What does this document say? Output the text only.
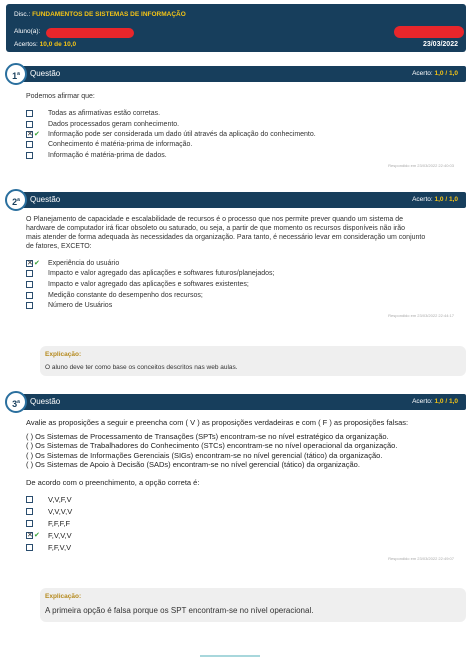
Disc.: FUNDAMENTOS DE SISTEMAS DE INFORMAÇÃO
Aluno(a):
Acertos: 10,0 de 10,0	23/03/2022
Questão	Acerto: 1,0 / 1,0
1$^a$
Podemos afirmar que:
Todas as afirmativas estão corretas.
Dados processados geram conhecimento.
✕
✔	Informação pode ser considerada um dado útil através da aplicação do conhecimento.
Conhecimento é matéria-prima de informação.
Informação é matéria-prima de dados.
Respondido em 23/03/2022 22:40:03
Questão	Acerto: 1,0 / 1,0
2$^a$
O Planejamento de capacidade e escalabilidade de recursos é o processo que nos permite prever quando um sistema de
hardware de computador irá ficar obsoleto ou saturado, ou seja, a partir de que momento os recursos disponíveis não irão
mais atender de forma adequada às necessidades da organização. Para tanto, é necessário levar em consideração um conjunto
de fatores, EXCETO:
✕
✔	Experiência do usuário
Impacto e valor agregado das aplicações e softwares futuros/planejados;
Impacto e valor agregado das aplicações e softwares existentes;
Medição constante do desempenho dos recursos;
Número de Usuários
Respondido em 23/03/2022 22:44:17
Explicação:
O aluno deve ter como base os conceitos descritos nas web aulas.
Questão	Acerto: 1,0 / 1,0
3$^a$
Avalie as proposições a seguir e preencha com ( V ) as proposições verdadeiras e com ( F ) as proposições falsas:
( ) Os Sistemas de Processamento de Transações (SPTs) encontram-se no nível estratégico da organização.
( ) Os Sistemas de Trabalhadores do Conhecimento (STCs) encontram-se no nível operacional da organização.
( ) Os Sistemas de Informações Gerenciais (SIGs) encontram-se no nível gerencial (tático) da organização.
( ) Os Sistemas de Apoio à Decisão (SADs) encontram-se no nível gerencial (tático) da organização.
De acordo com o preenchimento, a opção correta é:
V,V,F,V
V,V,V,V
F,F,F,F
✕
✔	F,V,V,V
F,F,V,V
Respondido em 23/03/2022 22:49:07
Explicação:
A primeira opção é falsa porque os SPT encontram-se no nível operacional.
